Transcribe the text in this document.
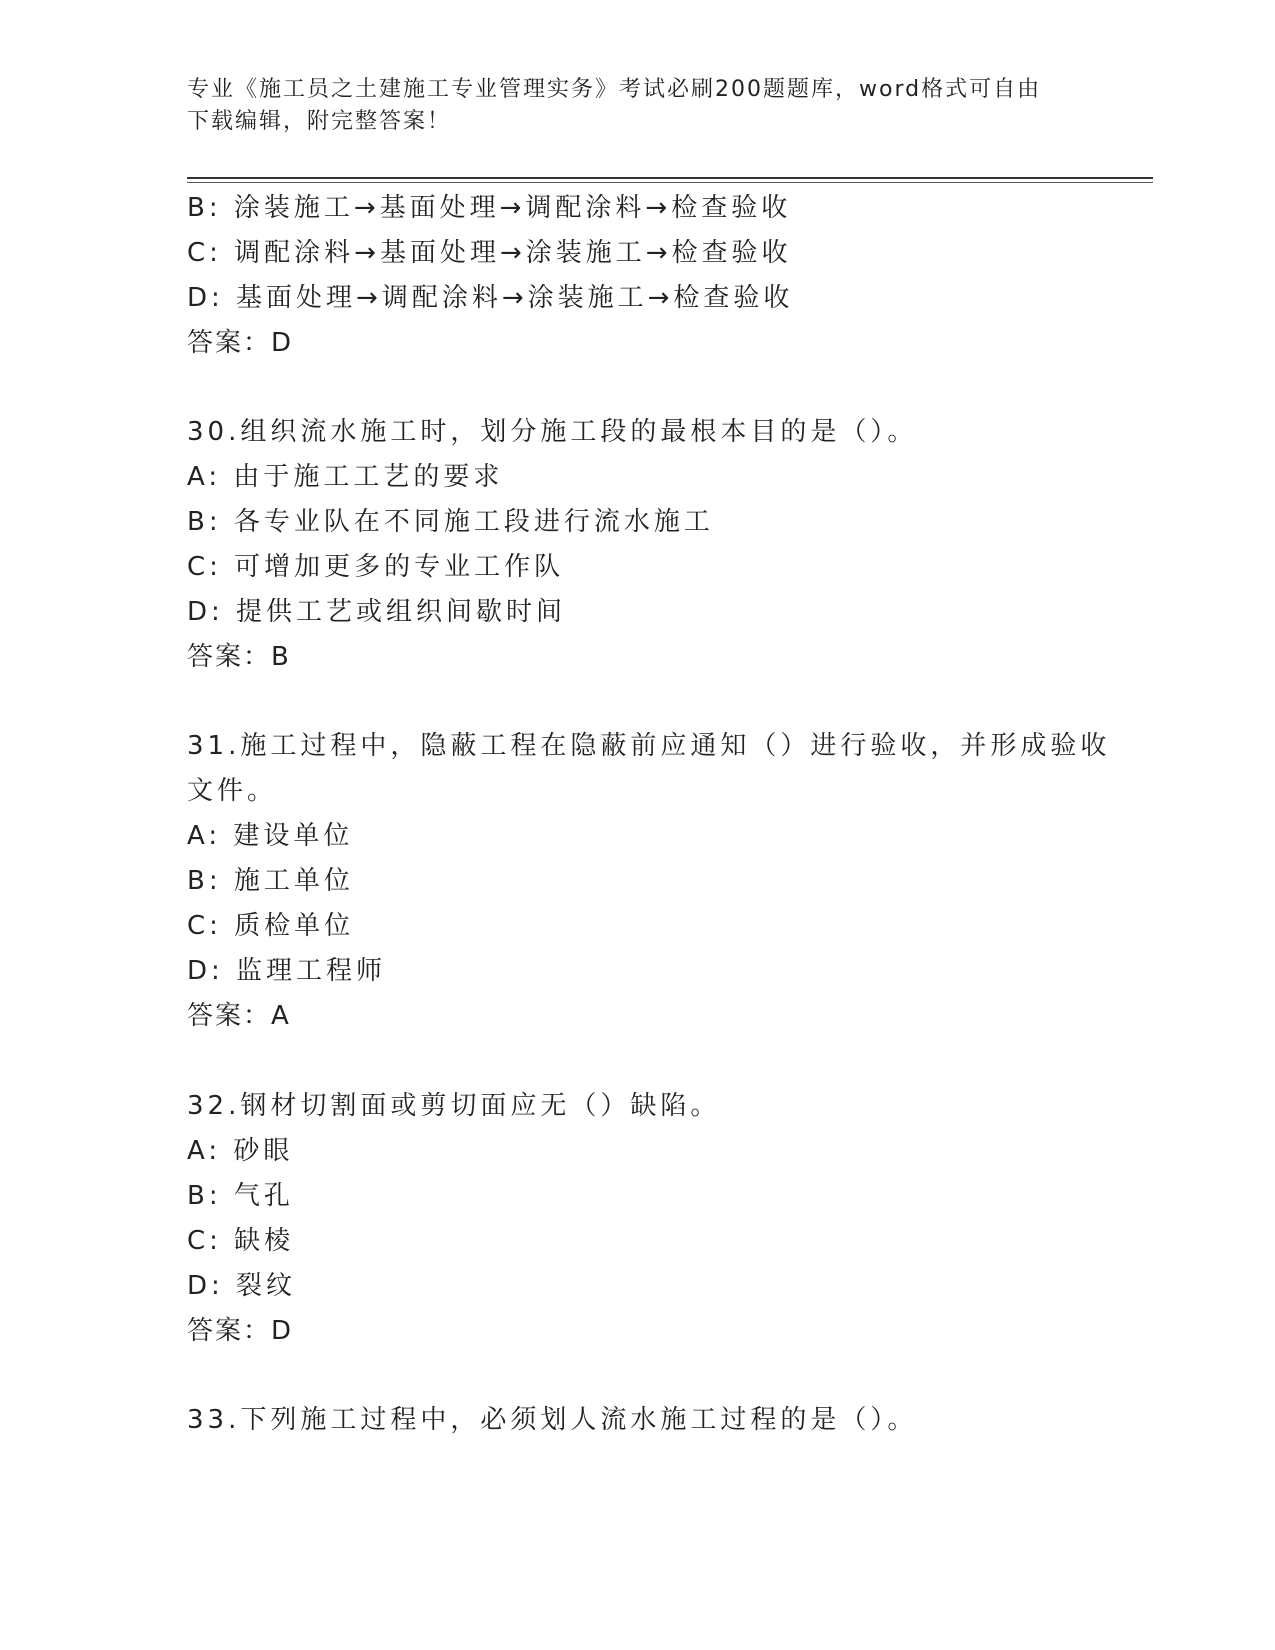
专业《施工员之土建施工专业管理实务》考试必刷200题题库，word格式可自由
下载编辑，附完整答案！
B: 涂装施工→基面处理→调配涂料→检查验收
C: 调配涂料→基面处理→涂装施工→检查验收
D: 基面处理→调配涂料→涂装施工→检查验收
答案：D
30.组织流水施工时，划分施工段的最根本目的是（）。
A: 由于施工工艺的要求
B: 各专业队在不同施工段进行流水施工
C: 可增加更多的专业工作队
D: 提供工艺或组织间歇时间
答案：B
31.施工过程中，隐蔽工程在隐蔽前应通知（）进行验收，并形成验收
文件。
A: 建设单位
B: 施工单位
C: 质检单位
D: 监理工程师
答案：A
32.钢材切割面或剪切面应无（）缺陷。
A: 砂眼
B: 气孔
C: 缺棱
D: 裂纹
答案：D
33.下列施工过程中，必须划人流水施工过程的是（）。
